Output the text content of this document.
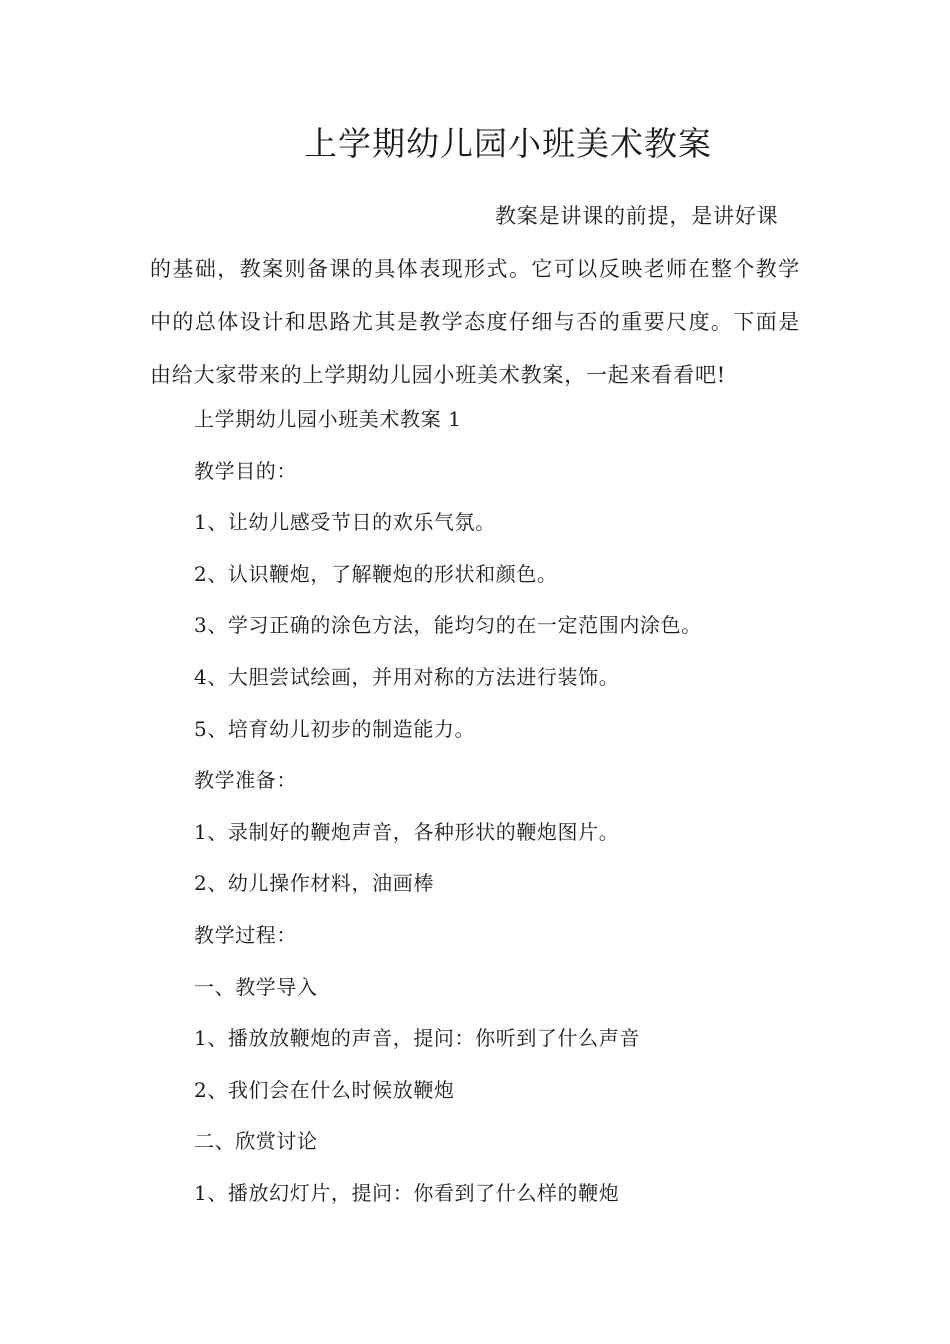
上学期幼儿园小班美术教案
教案是讲课的前提，是讲好课
的基础，教案则备课的具体表现形式。它可以反映老师在整个教学中的总体设计和思路尤其是教学态度仔细与否的重要尺度。下面是由给大家带来的上学期幼儿园小班美术教案，一起来看看吧!
上学期幼儿园小班美术教案 1
教学目的：
1、让幼儿感受节日的欢乐气氛。
2、认识鞭炮，了解鞭炮的形状和颜色。
3、学习正确的涂色方法，能均匀的在一定范围内涂色。
4、大胆尝试绘画，并用对称的方法进行装饰。
5、培育幼儿初步的制造能力。
教学准备：
1、录制好的鞭炮声音，各种形状的鞭炮图片。
2、幼儿操作材料，油画棒
教学过程：
一、教学导入
1、播放放鞭炮的声音，提问：你听到了什么声音
2、我们会在什么时候放鞭炮
二、欣赏讨论
1、播放幻灯片，提问：你看到了什么样的鞭炮
